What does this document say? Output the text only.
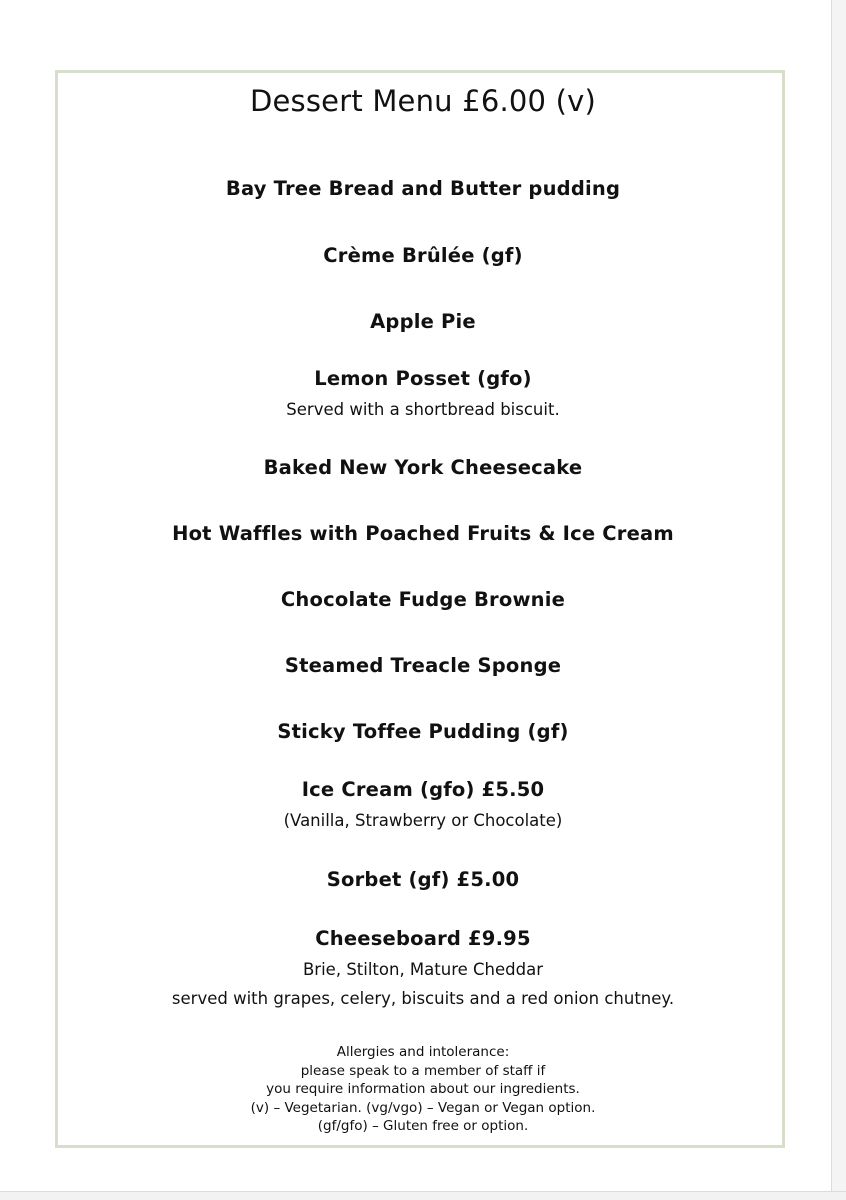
Dessert Menu £6.00 (v)
Bay Tree Bread and Butter pudding
Crème Brûlée (gf)
Apple Pie
Lemon Posset (gfo)
Served with a shortbread biscuit.
Baked New York Cheesecake
Hot Waffles with Poached Fruits & Ice Cream
Chocolate Fudge Brownie
Steamed Treacle Sponge
Sticky Toffee Pudding (gf)
Ice Cream (gfo) £5.50
(Vanilla, Strawberry or Chocolate)
Sorbet (gf) £5.00
Cheeseboard £9.95
Brie, Stilton, Mature Cheddar
served with grapes, celery, biscuits and a red onion chutney.
Allergies and intolerance:
please speak to a member of staff if
you require information about our ingredients.
(v) – Vegetarian. (vg/vgo) – Vegan or Vegan option.
(gf/gfo) – Gluten free or option.
